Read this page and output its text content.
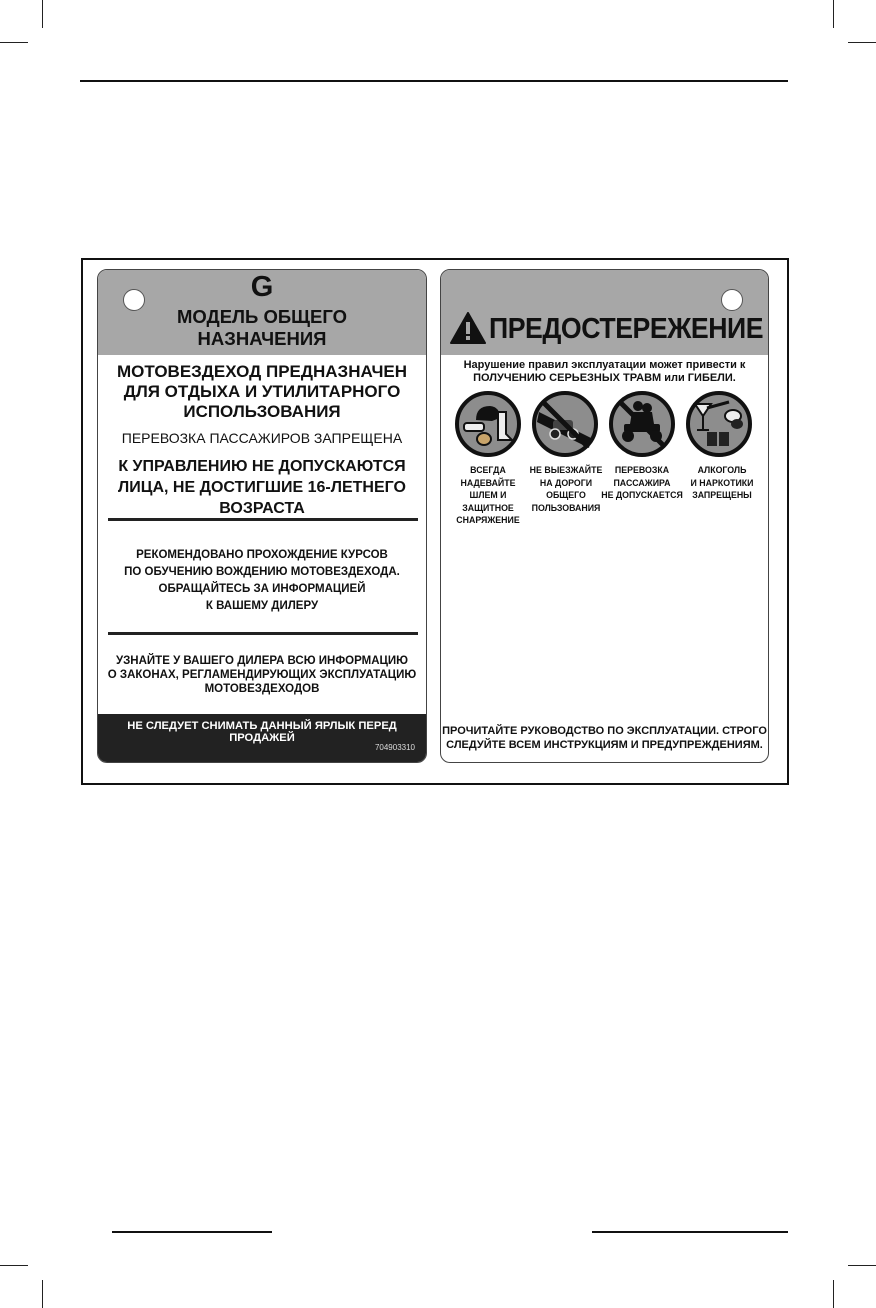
G
МОДЕЛЬ ОБЩЕГО
НАЗНАЧЕНИЯ
МОТОВЕЗДЕХОД ПРЕДНАЗНАЧЕН
ДЛЯ ОТДЫХА И УТИЛИТАРНОГО
ИСПОЛЬЗОВАНИЯ
ПЕРЕВОЗКА ПАССАЖИРОВ ЗАПРЕЩЕНА
К УПРАВЛЕНИЮ НЕ ДОПУСКАЮТСЯ
ЛИЦА, НЕ ДОСТИГШИЕ 16-ЛЕТНЕГО
ВОЗРАСТА
РЕКОМЕНДОВАНО ПРОХОЖДЕНИЕ КУРСОВ
ПО ОБУЧЕНИЮ ВОЖДЕНИЮ МОТОВЕЗДЕХОДА.
ОБРАЩАЙТЕСЬ ЗА ИНФОРМАЦИЕЙ
К ВАШЕМУ ДИЛЕРУ
УЗНАЙТЕ У ВАШЕГО ДИЛЕРА ВСЮ ИНФОРМАЦИЮ
О ЗАКОНАХ, РЕГЛАМЕНДИРУЮЩИХ ЭКСПЛУАТАЦИЮ
МОТОВЕЗДЕХОДОВ
НЕ СЛЕДУЕТ СНИМАТЬ ДАННЫЙ ЯРЛЫК ПЕРЕД ПРОДАЖЕЙ
704903310
ПРЕДОСТЕРЕЖЕНИЕ
Нарушение правил эксплуатации может привести к
ПОЛУЧЕНИЮ СЕРЬЕЗНЫХ ТРАВМ или ГИБЕЛИ.
ВСЕГДА
НАДЕВАЙТЕ
ШЛЕМ И
ЗАЩИТНОЕ
СНАРЯЖЕНИЕ
НЕ ВЫЕЗЖАЙТЕ
НА ДОРОГИ
ОБЩЕГО
ПОЛЬЗОВАНИЯ
ПЕРЕВОЗКА
ПАССАЖИРА
НЕ ДОПУСКАЕТСЯ
АЛКОГОЛЬ
И НАРКОТИКИ
ЗАПРЕЩЕНЫ
ПРОЧИТАЙТЕ РУКОВОДСТВО ПО ЭКСПЛУАТАЦИИ. СТРОГО
СЛЕДУЙТЕ ВСЕМ ИНСТРУКЦИЯМ И ПРЕДУПРЕЖДЕНИЯМ.
